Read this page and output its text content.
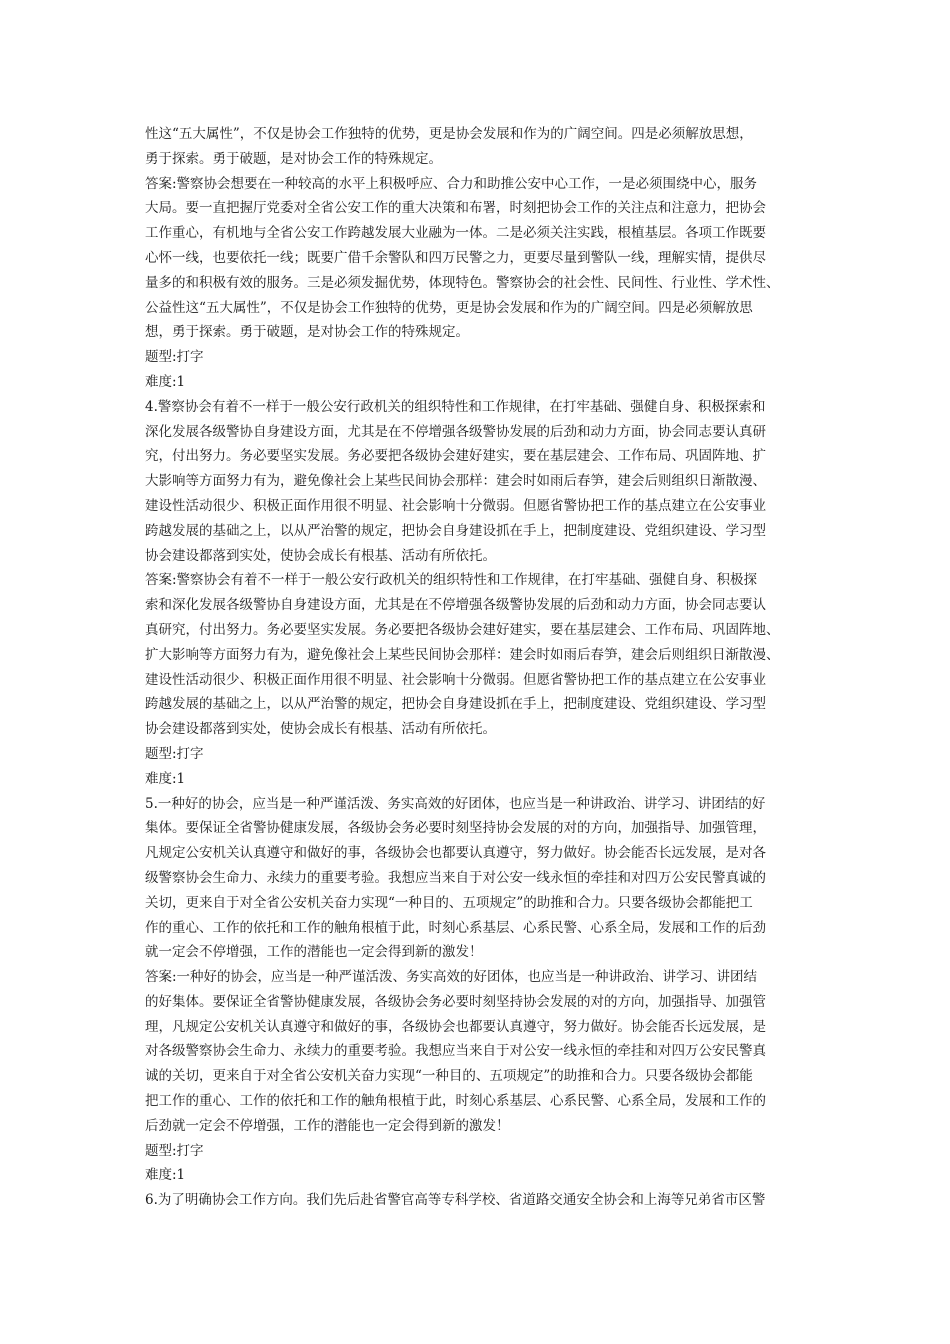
性这“五大属性”，不仅是协会工作独特的优势，更是协会发展和作为的广阔空间。四是必须解放思想，
勇于探索。勇于破题，是对协会工作的特殊规定。
答案:警察协会想要在一种较高的水平上积极呼应、合力和助推公安中心工作，一是必须围绕中心，服务
大局。要一直把握厅党委对全省公安工作的重大决策和布署，时刻把协会工作的关注点和注意力，把协会
工作重心，有机地与全省公安工作跨越发展大业融为一体。二是必须关注实践，根植基层。各项工作既要
心怀一线，也要依托一线；既要广借千余警队和四万民警之力，更要尽量到警队一线，理解实情，提供尽
量多的和积极有效的服务。三是必须发掘优势，体现特色。警察协会的社会性、民间性、行业性、学术性、
公益性这“五大属性”，不仅是协会工作独特的优势，更是协会发展和作为的广阔空间。四是必须解放思
想，勇于探索。勇于破题，是对协会工作的特殊规定。
题型:打字
难度:1
4.警察协会有着不一样于一般公安行政机关的组织特性和工作规律，在打牢基础、强健自身、积极探索和
深化发展各级警协自身建设方面，尤其是在不停增强各级警协发展的后劲和动力方面，协会同志要认真研
究，付出努力。务必要坚实发展。务必要把各级协会建好建实，要在基层建会、工作布局、巩固阵地、扩
大影响等方面努力有为，避免像社会上某些民间协会那样：建会时如雨后春笋，建会后则组织日渐散漫、
建设性活动很少、积极正面作用很不明显、社会影响十分微弱。但愿省警协把工作的基点建立在公安事业
跨越发展的基础之上，以从严治警的规定，把协会自身建设抓在手上，把制度建设、党组织建设、学习型
协会建设都落到实处，使协会成长有根基、活动有所依托。
答案:警察协会有着不一样于一般公安行政机关的组织特性和工作规律，在打牢基础、强健自身、积极探
索和深化发展各级警协自身建设方面，尤其是在不停增强各级警协发展的后劲和动力方面，协会同志要认
真研究，付出努力。务必要坚实发展。务必要把各级协会建好建实，要在基层建会、工作布局、巩固阵地、
扩大影响等方面努力有为，避免像社会上某些民间协会那样：建会时如雨后春笋，建会后则组织日渐散漫、
建设性活动很少、积极正面作用很不明显、社会影响十分微弱。但愿省警协把工作的基点建立在公安事业
跨越发展的基础之上，以从严治警的规定，把协会自身建设抓在手上，把制度建设、党组织建设、学习型
协会建设都落到实处，使协会成长有根基、活动有所依托。
题型:打字
难度:1
5.一种好的协会，应当是一种严谨活泼、务实高效的好团体，也应当是一种讲政治、讲学习、讲团结的好
集体。要保证全省警协健康发展，各级协会务必要时刻坚持协会发展的对的方向，加强指导、加强管理，
凡规定公安机关认真遵守和做好的事，各级协会也都要认真遵守，努力做好。协会能否长远发展，是对各
级警察协会生命力、永续力的重要考验。我想应当来自于对公安一线永恒的牵挂和对四万公安民警真诚的
关切，更来自于对全省公安机关奋力实现“一种目的、五项规定”的助推和合力。只要各级协会都能把工
作的重心、工作的依托和工作的触角根植于此，时刻心系基层、心系民警、心系全局，发展和工作的后劲
就一定会不停增强，工作的潜能也一定会得到新的激发！
答案:一种好的协会，应当是一种严谨活泼、务实高效的好团体，也应当是一种讲政治、讲学习、讲团结
的好集体。要保证全省警协健康发展，各级协会务必要时刻坚持协会发展的对的方向，加强指导、加强管
理，凡规定公安机关认真遵守和做好的事，各级协会也都要认真遵守，努力做好。协会能否长远发展，是
对各级警察协会生命力、永续力的重要考验。我想应当来自于对公安一线永恒的牵挂和对四万公安民警真
诚的关切，更来自于对全省公安机关奋力实现“一种目的、五项规定”的助推和合力。只要各级协会都能
把工作的重心、工作的依托和工作的触角根植于此，时刻心系基层、心系民警、心系全局，发展和工作的
后劲就一定会不停增强，工作的潜能也一定会得到新的激发！
题型:打字
难度:1
6.为了明确协会工作方向。我们先后赴省警官高等专科学校、省道路交通安全协会和上海等兄弟省市区警
